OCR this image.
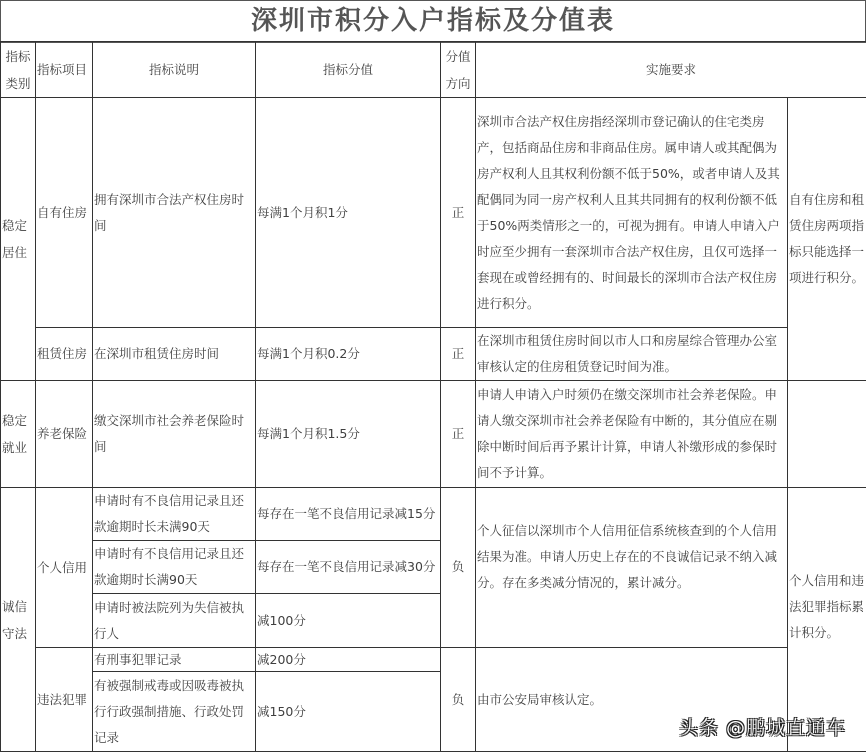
深圳市积分入户指标及分值表
指标类别	指标项目	指标说明	指标分值	分值方向	实施要求	
稳定居住	自有住房	拥有深圳市合法产权住房时间	每满1个月积1分	正	深圳市合法产权住房指经深圳市登记确认的住宅类房产，包括商品住房和非商品住房。属申请人或其配偶为房产权利人且其权利份额不低于50%，或者申请人及其配偶同为同一房产权利人且其共同拥有的权利份额不低于50%两类情形之一的，可视为拥有。申请人申请入户时应至少拥有一套深圳市合法产权住房，且仅可选择一套现在或曾经拥有的、时间最长的深圳市合法产权住房进行积分。	自有住房和租赁住房两项指标只能选择一项进行积分。
	租赁住房	在深圳市租赁住房时间	每满1个月积0.2分	正	在深圳市租赁住房时间以市人口和房屋综合管理办公室审核认定的住房租赁登记时间为准。	
稳定就业	养老保险	缴交深圳市社会养老保险时间	每满1个月积1.5分	正	申请人申请入户时须仍在缴交深圳市社会养老保险。申请人缴交深圳市社会养老保险有中断的，其分值应在剔除中断时间后再予累计计算，申请人补缴形成的参保时间不予计算。	
诚信守法	个人信用	申请时有不良信用记录且还款逾期时长未满90天	每存在一笔不良信用记录减15分	负	个人征信以深圳市个人信用征信系统核查到的个人信用结果为准。申请人历史上存在的不良诚信记录不纳入减分。存在多类减分情况的，累计减分。	个人信用和违法犯罪指标累计积分。
		申请时有不良信用记录且还款逾期时长满90天	每存在一笔不良信用记录减30分			
		申请时被法院列为失信被执行人	减100分			
	违法犯罪	有刑事犯罪记录	减200分	负	由市公安局审核认定。	
		有被强制戒毒或因吸毒被执行行政强制措施、行政处罚记录	减150分			
头条 @鹏城直通车
